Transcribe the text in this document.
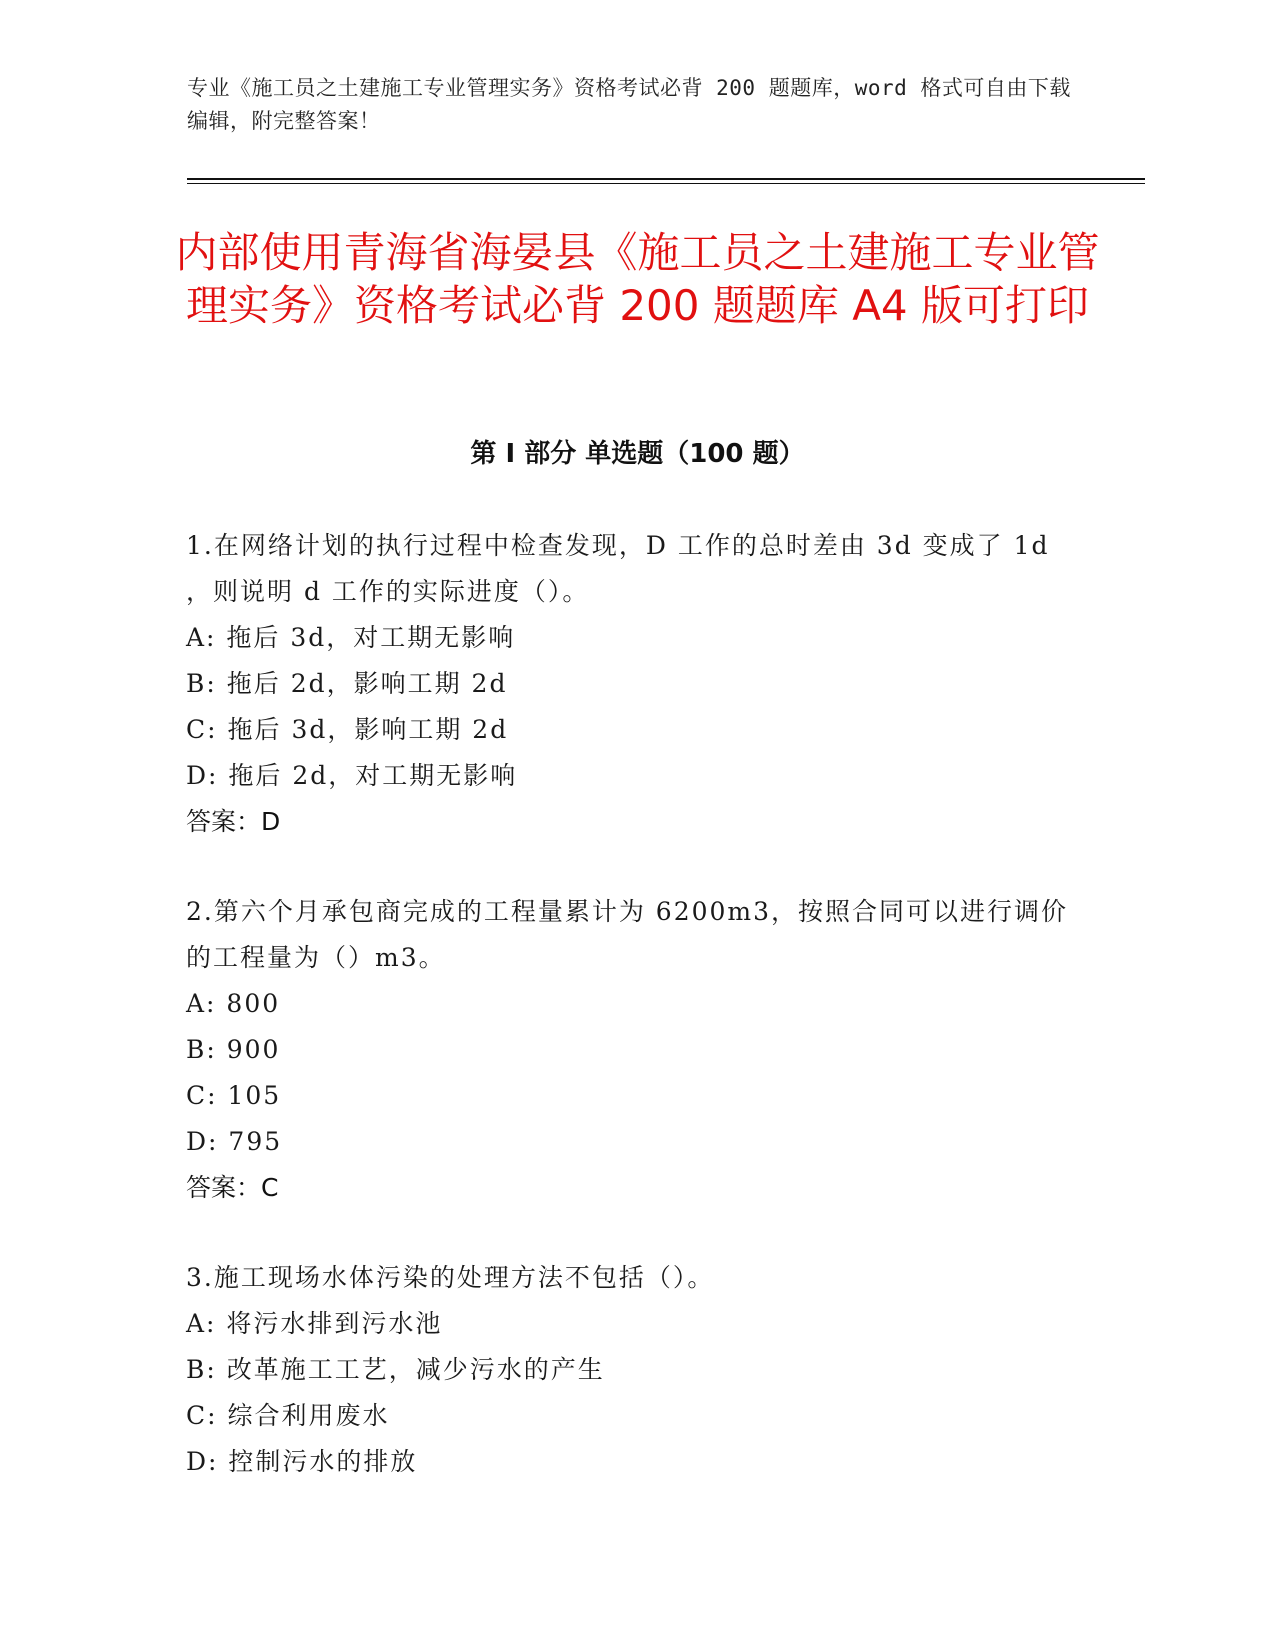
专业《施工员之土建施工专业管理实务》资格考试必背 200 题题库，word 格式可自由下载编辑，附完整答案！
内部使用青海省海晏县《施工员之土建施工专业管理实务》资格考试必背 200 题题库 A4 版可打印
第 I 部分 单选题（100 题）
1.在网络计划的执行过程中检查发现，D 工作的总时差由 3d 变成了 1d ，则说明 d 工作的实际进度（）。
A: 拖后 3d，对工期无影响
B: 拖后 2d，影响工期 2d
C: 拖后 3d，影响工期 2d
D: 拖后 2d，对工期无影响
答案：D
2.第六个月承包商完成的工程量累计为 6200m3，按照合同可以进行调价的工程量为（）m3。
A: 800
B: 900
C: 105
D: 795
答案：C
3.施工现场水体污染的处理方法不包括（）。
A: 将污水排到污水池
B: 改革施工工艺，减少污水的产生
C: 综合利用废水
D: 控制污水的排放
